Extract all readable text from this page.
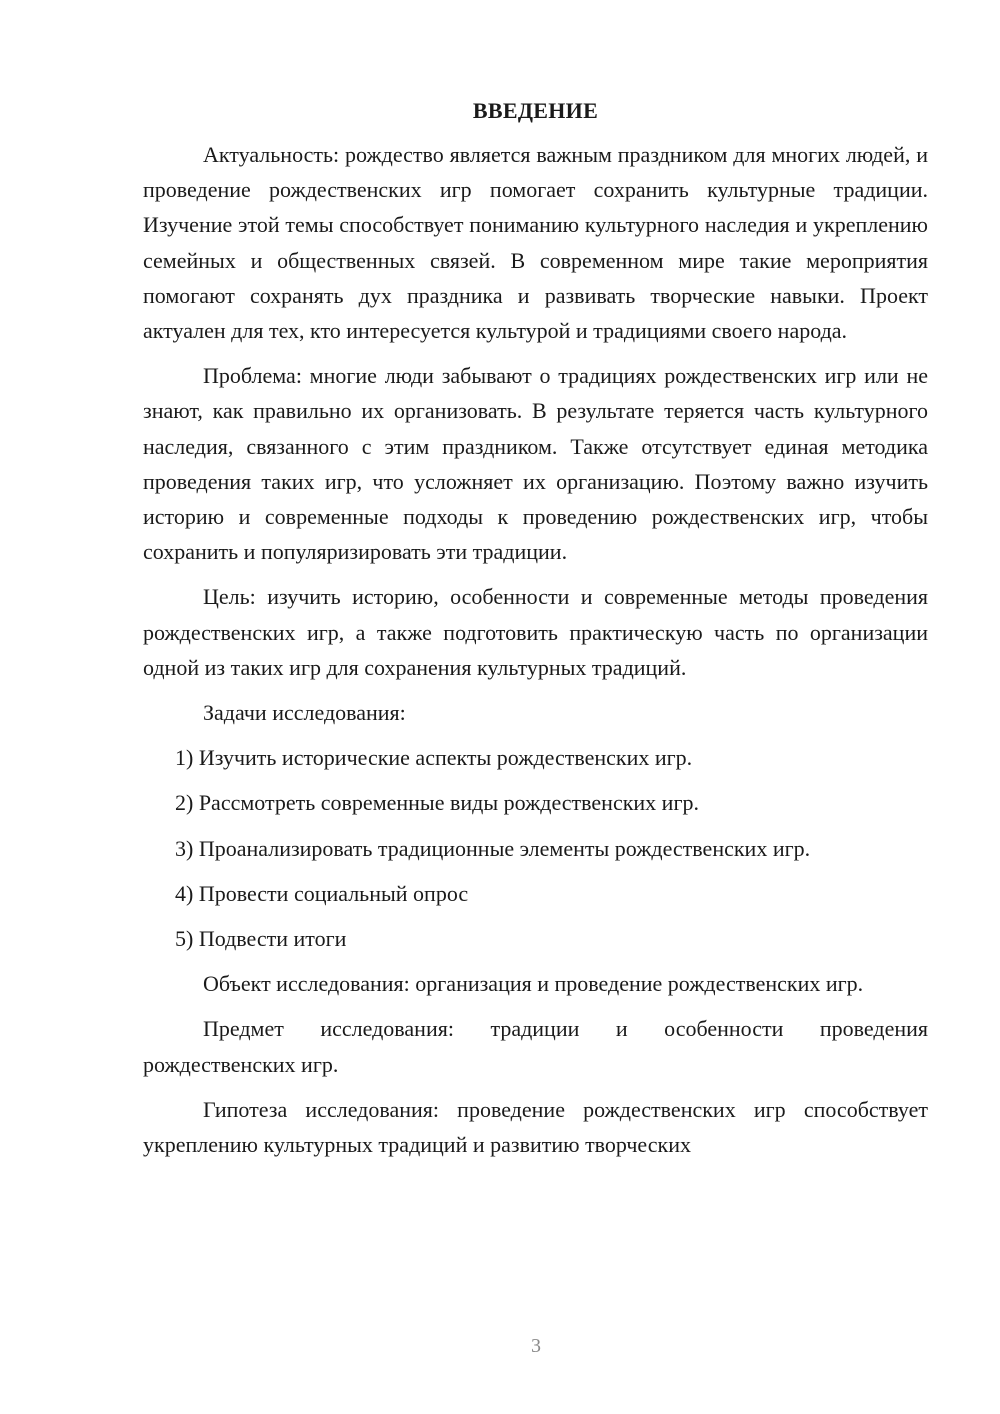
ВВЕДЕНИЕ

Актуальность: рождество является важным праздником для многих людей, и проведение рождественских игр помогает сохранить культурные традиции. Изучение этой темы способствует пониманию культурного наследия и укреплению семейных и общественных связей. В современном мире такие мероприятия помогают сохранять дух праздника и развивать творческие навыки. Проект актуален для тех, кто интересуется культурой и традициями своего народа.

Проблема: многие люди забывают о традициях рождественских игр или не знают, как правильно их организовать. В результате теряется часть культурного наследия, связанного с этим праздником. Также отсутствует единая методика проведения таких игр, что усложняет их организацию. Поэтому важно изучить историю и современные подходы к проведению рождественских игр, чтобы сохранить и популяризировать эти традиции.

Цель: изучить историю, особенности и современные методы проведения рождественских игр, а также подготовить практическую часть по организации одной из таких игр для сохранения культурных традиций.

Задачи исследования:

1) Изучить исторические аспекты рождественских игр.

2) Рассмотреть современные виды рождественских игр.

3) Проанализировать традиционные элементы рождественских игр.

4) Провести социальный опрос

5) Подвести итоги

Объект исследования: организация и проведение рождественских игр.

Предмет исследования: традиции и особенности проведения рождественских игр.

Гипотеза исследования: проведение рождественских игр способствует укреплению культурных традиций и развитию творческих

3
